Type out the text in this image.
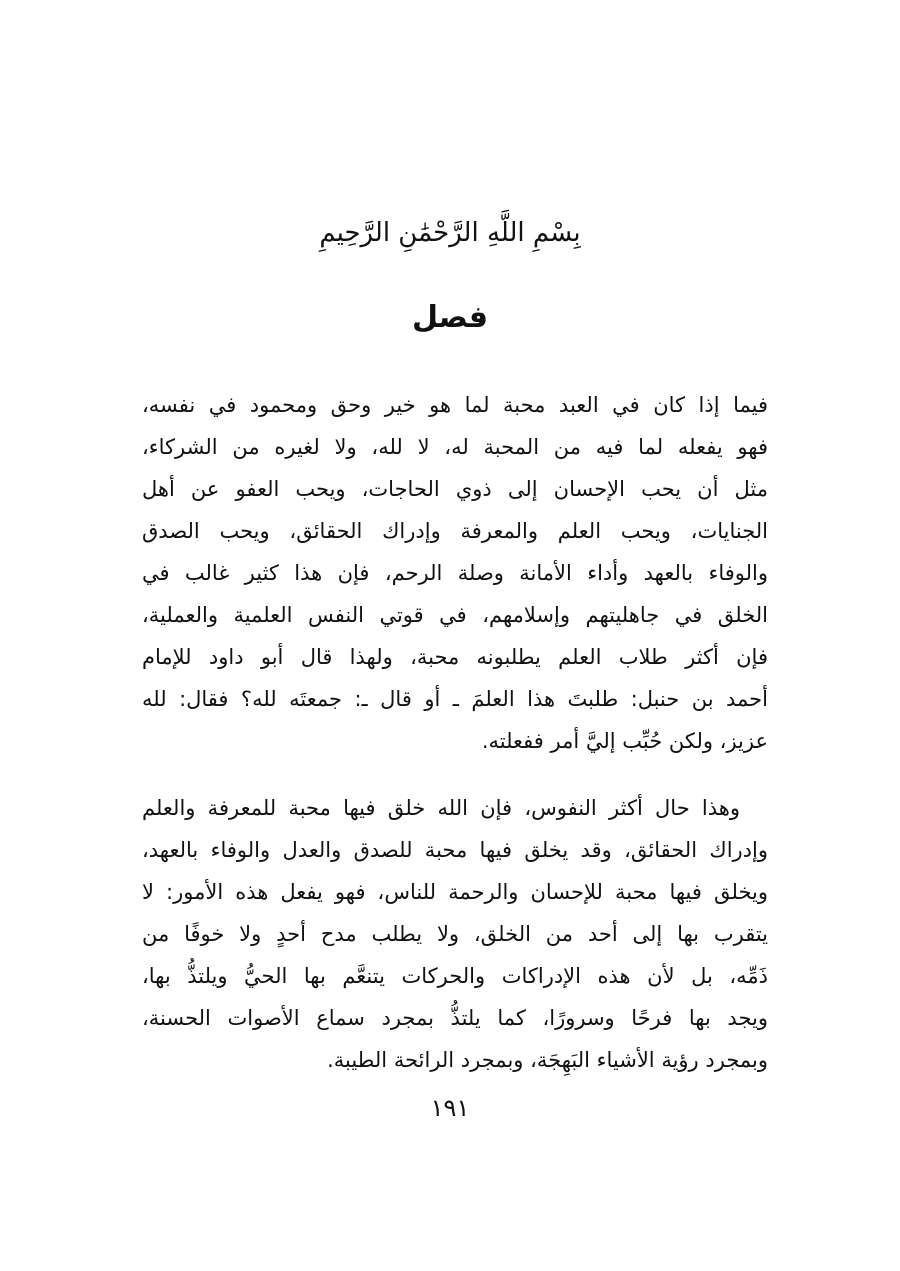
بِسْمِ اللَّهِ الرَّحْمَٰنِ الرَّحِيمِ
فصل
فيما إذا كان في العبد محبة لما هو خير وحق ومحمود في نفسه،
فهو يفعله لما فيه من المحبة له، لا لله، ولا لغيره من الشركاء،
مثل أن يحب الإحسان إلى ذوي الحاجات، ويحب العفو عن أهل
الجنايات، ويحب العلم والمعرفة وإدراك الحقائق، ويحب الصدق
والوفاء بالعهد وأداء الأمانة وصلة الرحم، فإن هذا كثير غالب في
الخلق في جاهليتهم وإسلامهم، في قوتي النفس العلمية والعملية،
فإن أكثر طلاب العلم يطلبونه محبة، ولهذا قال أبو داود للإمام
أحمد بن حنبل: طلبتَ هذا العلمَ ـ أو قال ـ: جمعتَه لله؟ فقال: لله
عزيز، ولكن حُبِّب إليَّ أمر ففعلته.
وهذا حال أكثر النفوس، فإن الله خلق فيها محبة للمعرفة والعلم
وإدراك الحقائق، وقد يخلق فيها محبة للصدق والعدل والوفاء بالعهد،
ويخلق فيها محبة للإحسان والرحمة للناس، فهو يفعل هذه الأمور: لا
يتقرب بها إلى أحد من الخلق، ولا يطلب مدح أحدٍ ولا خوفًا من
ذَمِّه، بل لأن هذه الإدراكات والحركات يتنعَّم بها الحيُّ ويلتذُّ بها،
ويجد بها فرحًا وسرورًا، كما يلتذُّ بمجرد سماع الأصوات الحسنة،
وبمجرد رؤية الأشياء البَهِجَة، وبمجرد الرائحة الطيبة.
١٩١
